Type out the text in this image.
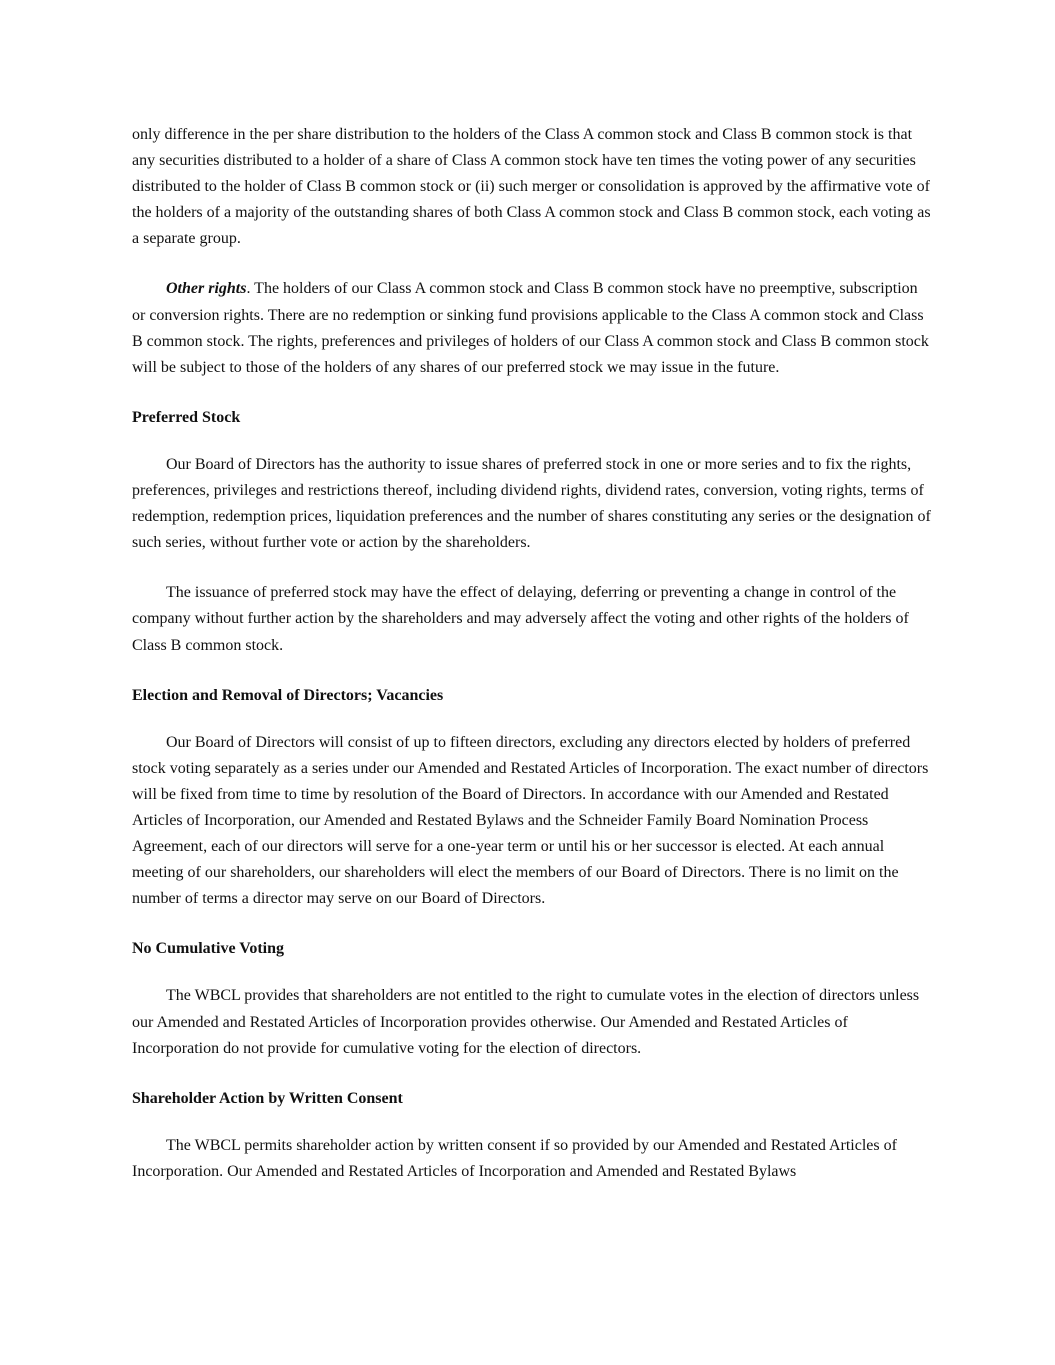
only difference in the per share distribution to the holders of the Class A common stock and Class B common stock is that any securities distributed to a holder of a share of Class A common stock have ten times the voting power of any securities distributed to the holder of Class B common stock or (ii) such merger or consolidation is approved by the affirmative vote of the holders of a majority of the outstanding shares of both Class A common stock and Class B common stock, each voting as a separate group.

Other rights. The holders of our Class A common stock and Class B common stock have no preemptive, subscription or conversion rights. There are no redemption or sinking fund provisions applicable to the Class A common stock and Class B common stock. The rights, preferences and privileges of holders of our Class A common stock and Class B common stock will be subject to those of the holders of any shares of our preferred stock we may issue in the future.

Preferred Stock

Our Board of Directors has the authority to issue shares of preferred stock in one or more series and to fix the rights, preferences, privileges and restrictions thereof, including dividend rights, dividend rates, conversion, voting rights, terms of redemption, redemption prices, liquidation preferences and the number of shares constituting any series or the designation of such series, without further vote or action by the shareholders.

The issuance of preferred stock may have the effect of delaying, deferring or preventing a change in control of the company without further action by the shareholders and may adversely affect the voting and other rights of the holders of Class B common stock.

Election and Removal of Directors; Vacancies

Our Board of Directors will consist of up to fifteen directors, excluding any directors elected by holders of preferred stock voting separately as a series under our Amended and Restated Articles of Incorporation. The exact number of directors will be fixed from time to time by resolution of the Board of Directors. In accordance with our Amended and Restated Articles of Incorporation, our Amended and Restated Bylaws and the Schneider Family Board Nomination Process Agreement, each of our directors will serve for a one-year term or until his or her successor is elected. At each annual meeting of our shareholders, our shareholders will elect the members of our Board of Directors. There is no limit on the number of terms a director may serve on our Board of Directors.

No Cumulative Voting

The WBCL provides that shareholders are not entitled to the right to cumulate votes in the election of directors unless our Amended and Restated Articles of Incorporation provides otherwise. Our Amended and Restated Articles of Incorporation do not provide for cumulative voting for the election of directors.

Shareholder Action by Written Consent

The WBCL permits shareholder action by written consent if so provided by our Amended and Restated Articles of Incorporation. Our Amended and Restated Articles of Incorporation and Amended and Restated Bylaws
